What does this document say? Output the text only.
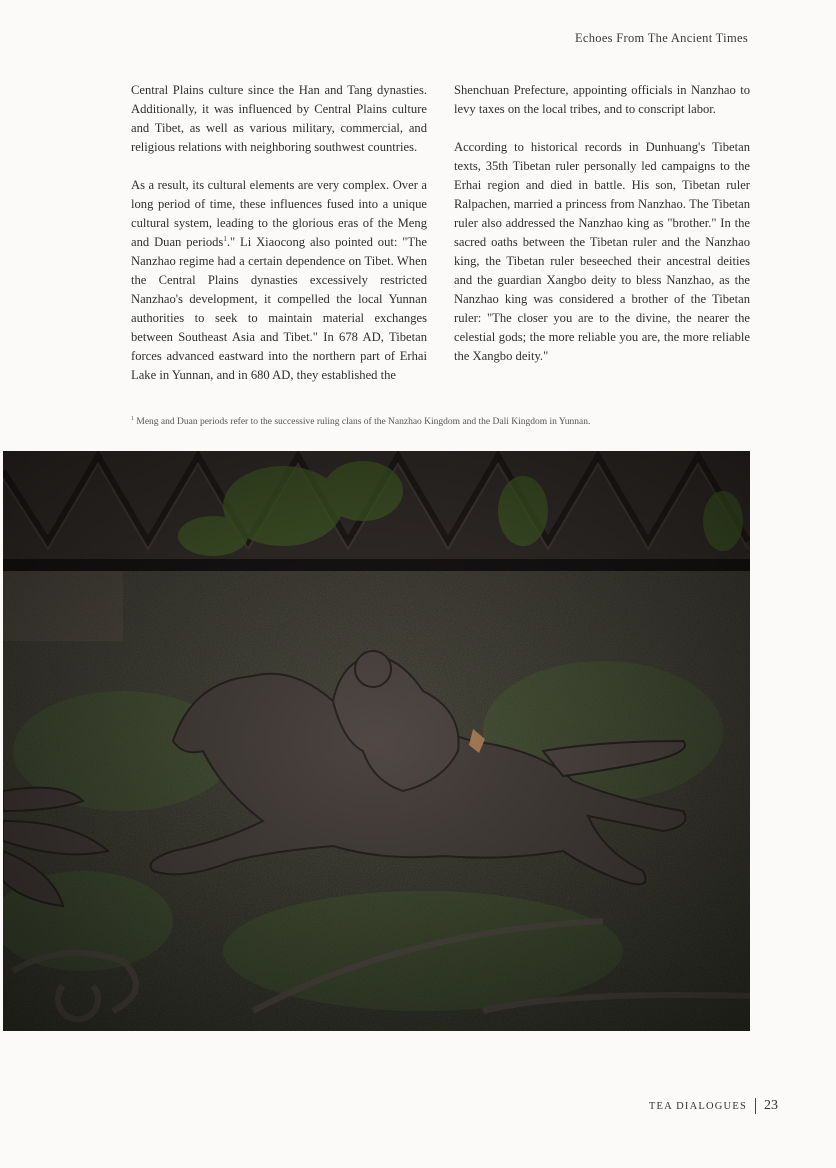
Echoes From The Ancient Times

Central Plains culture since the Han and Tang dynasties. Additionally, it was influenced by Central Plains culture and Tibet, as well as various military, commercial, and religious relations with neighboring southwest countries.

As a result, its cultural elements are very complex. Over a long period of time, these influences fused into a unique cultural system, leading to the glorious eras of the Meng and Duan periods$^1$." Li Xiaocong also pointed out: "The Nanzhao regime had a certain dependence on Tibet. When the Central Plains dynasties excessively restricted Nanzhao's development, it compelled the local Yunnan authorities to seek to maintain material exchanges between Southeast Asia and Tibet." In 678 AD, Tibetan forces advanced eastward into the northern part of Erhai Lake in Yunnan, and in 680 AD, they established the

Shenchuan Prefecture, appointing officials in Nanzhao to levy taxes on the local tribes, and to conscript labor.

According to historical records in Dunhuang's Tibetan texts, 35th Tibetan ruler personally led campaigns to the Erhai region and died in battle. His son, Tibetan ruler Ralpachen, married a princess from Nanzhao. The Tibetan ruler also addressed the Nanzhao king as "brother." In the sacred oaths between the Tibetan ruler and the Nanzhao king, the Tibetan ruler beseeched their ancestral deities and the guardian Xangbo deity to bless Nanzhao, as the Nanzhao king was considered a brother of the Tibetan ruler: "The closer you are to the divine, the nearer the celestial gods; the more reliable you are, the more reliable the Xangbo deity."

$^1$ Meng and Duan periods refer to the successive ruling clans of the Nanzhao Kingdom and the Dali Kingdom in Yunnan.
TEA DIALOGUES 23
